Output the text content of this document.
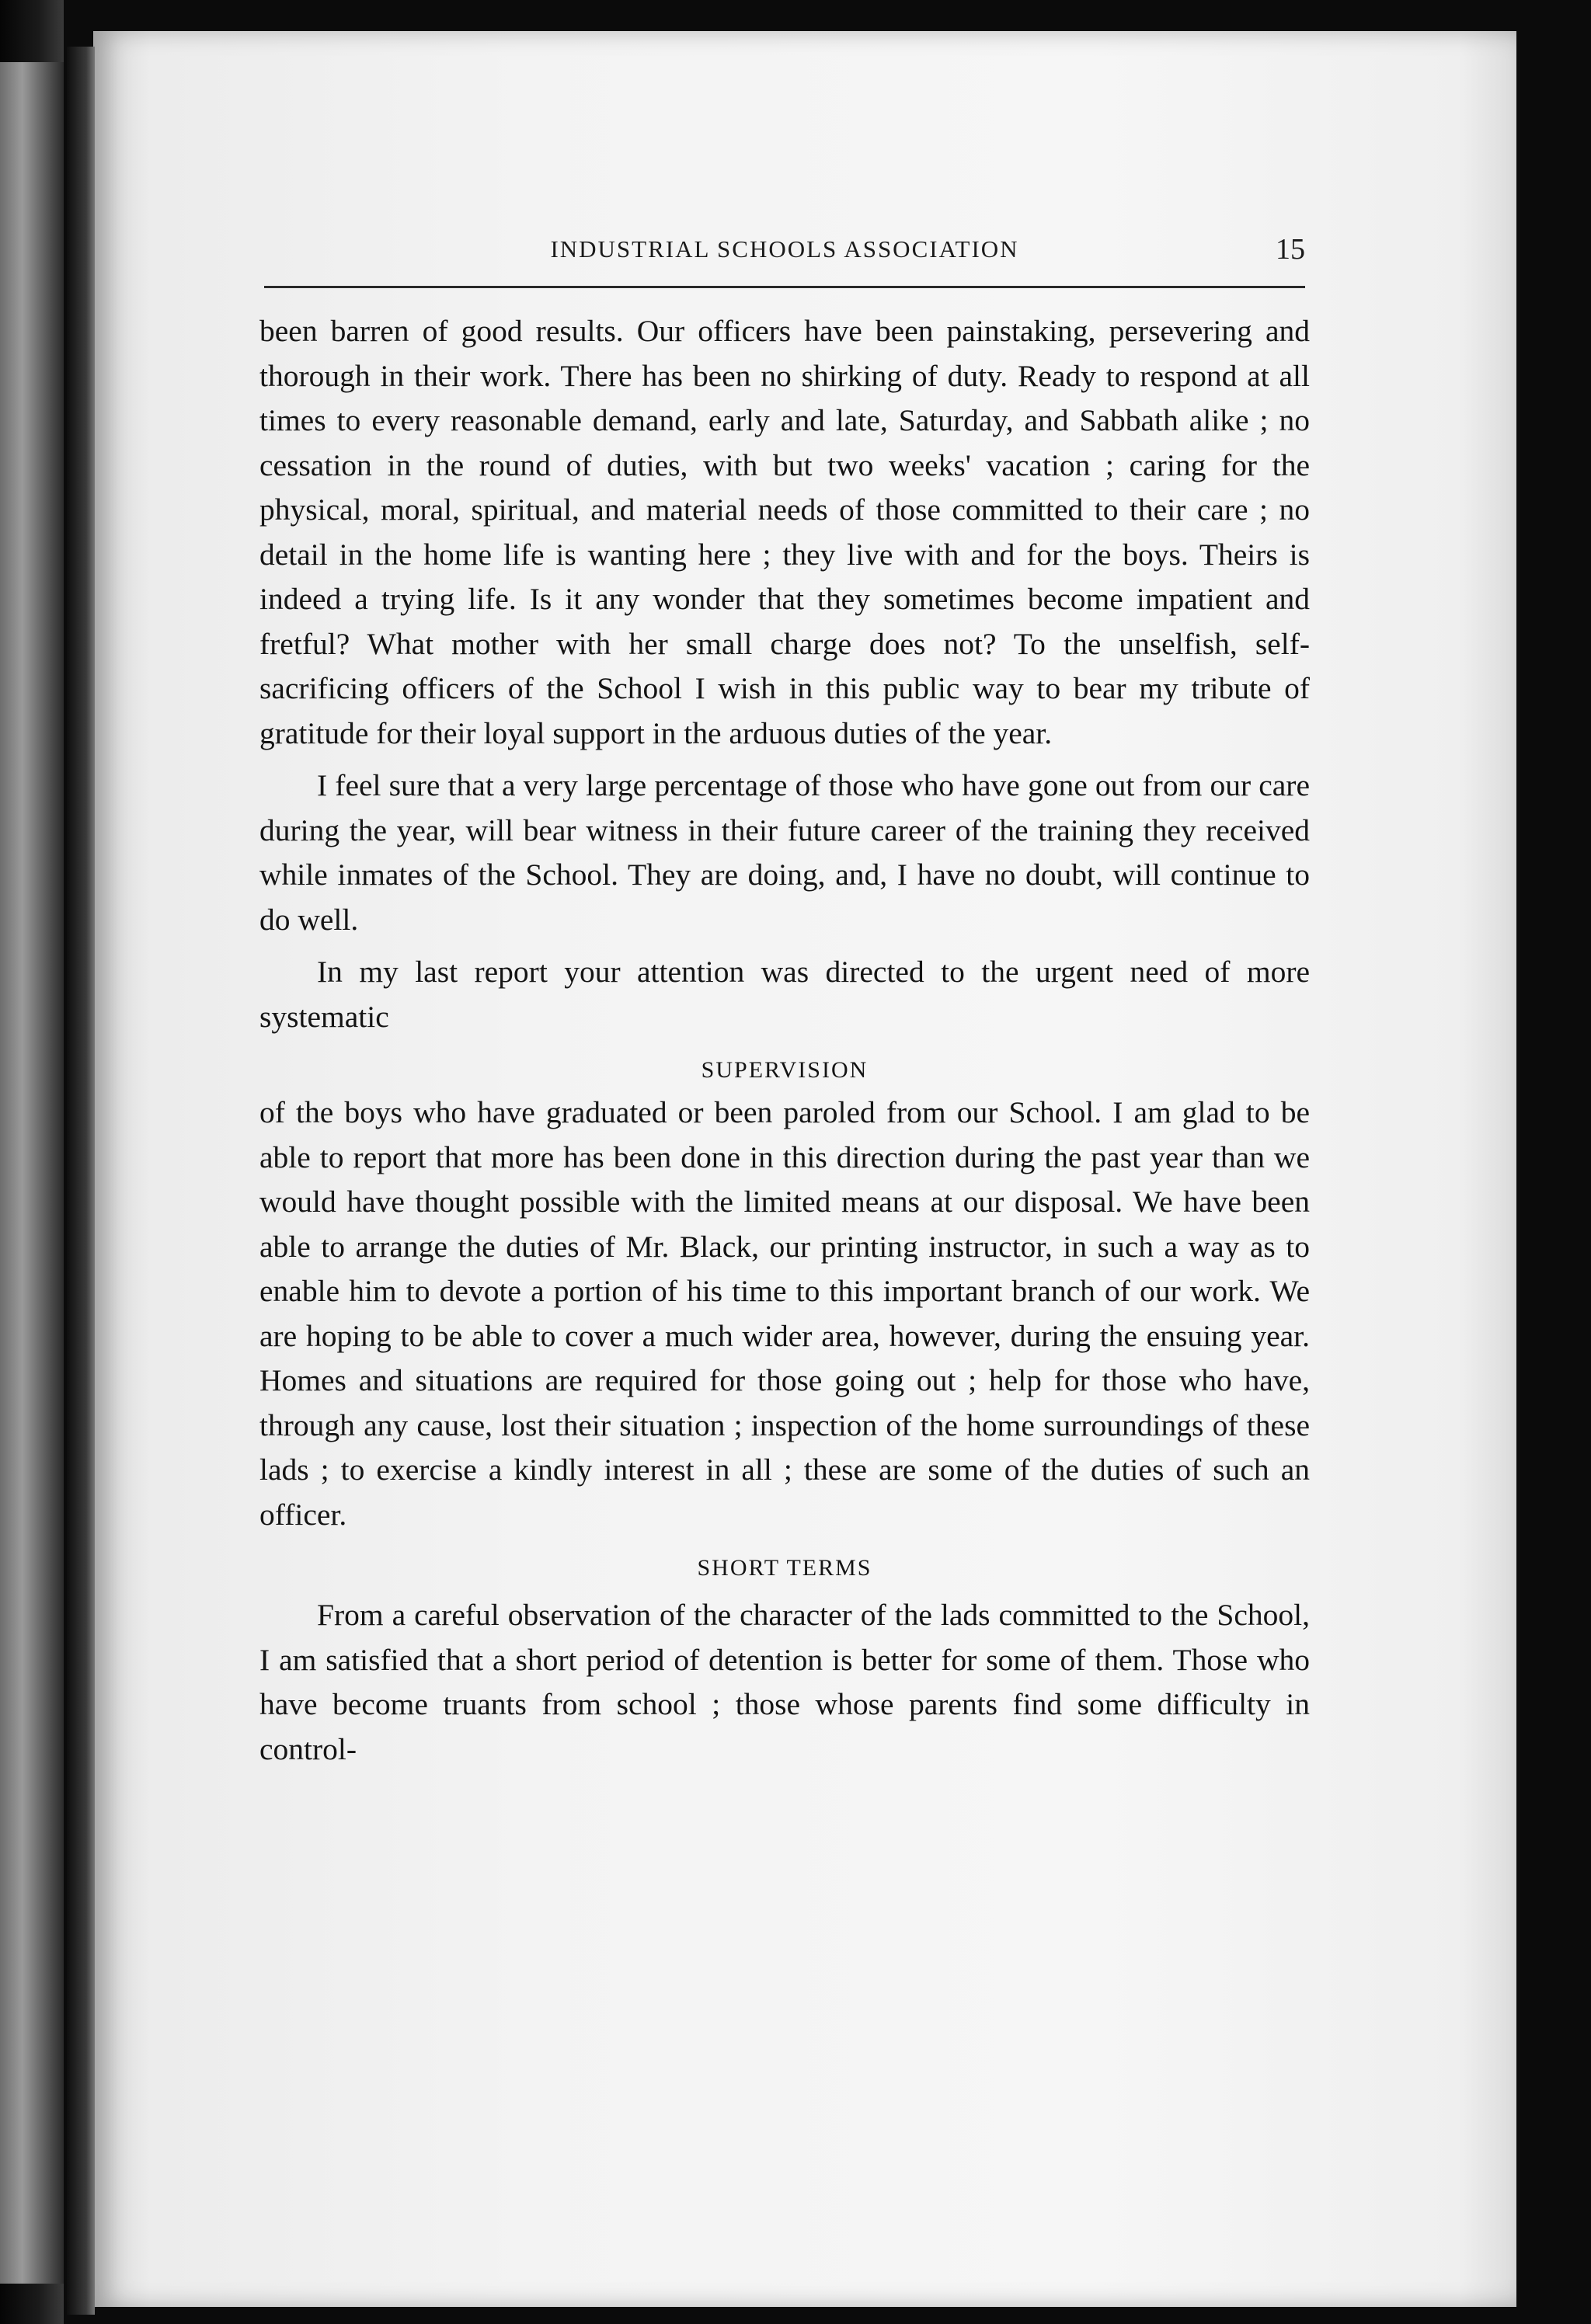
INDUSTRIAL SCHOOLS ASSOCIATION	15

been barren of good results. Our officers have been painstaking, persevering and thorough in their work. There has been no shirking of duty. Ready to respond at all times to every reasonable demand, early and late, Saturday, and Sabbath alike ; no cessation in the round of duties, with but two weeks' vacation ; caring for the physical, moral, spiritual, and material needs of those committed to their care ; no detail in the home life is wanting here ; they live with and for the boys. Theirs is indeed a trying life. Is it any wonder that they sometimes become impatient and fretful? What mother with her small charge does not? To the unselfish, self-sacrificing officers of the School I wish in this public way to bear my tribute of gratitude for their loyal support in the arduous duties of the year.

I feel sure that a very large percentage of those who have gone out from our care during the year, will bear witness in their future career of the training they received while inmates of the School. They are doing, and, I have no doubt, will continue to do well.

In my last report your attention was directed to the urgent need of more systematic

SUPERVISION

of the boys who have graduated or been paroled from our School. I am glad to be able to report that more has been done in this direction during the past year than we would have thought possible with the limited means at our disposal. We have been able to arrange the duties of Mr. Black, our printing instructor, in such a way as to enable him to devote a portion of his time to this important branch of our work. We are hoping to be able to cover a much wider area, however, during the ensuing year. Homes and situations are required for those going out ; help for those who have, through any cause, lost their situation ; inspection of the home surroundings of these lads ; to exercise a kindly interest in all ; these are some of the duties of such an officer.

SHORT TERMS

From a careful observation of the character of the lads committed to the School, I am satisfied that a short period of detention is better for some of them. Those who have become truants from school ; those whose parents find some difficulty in control-
